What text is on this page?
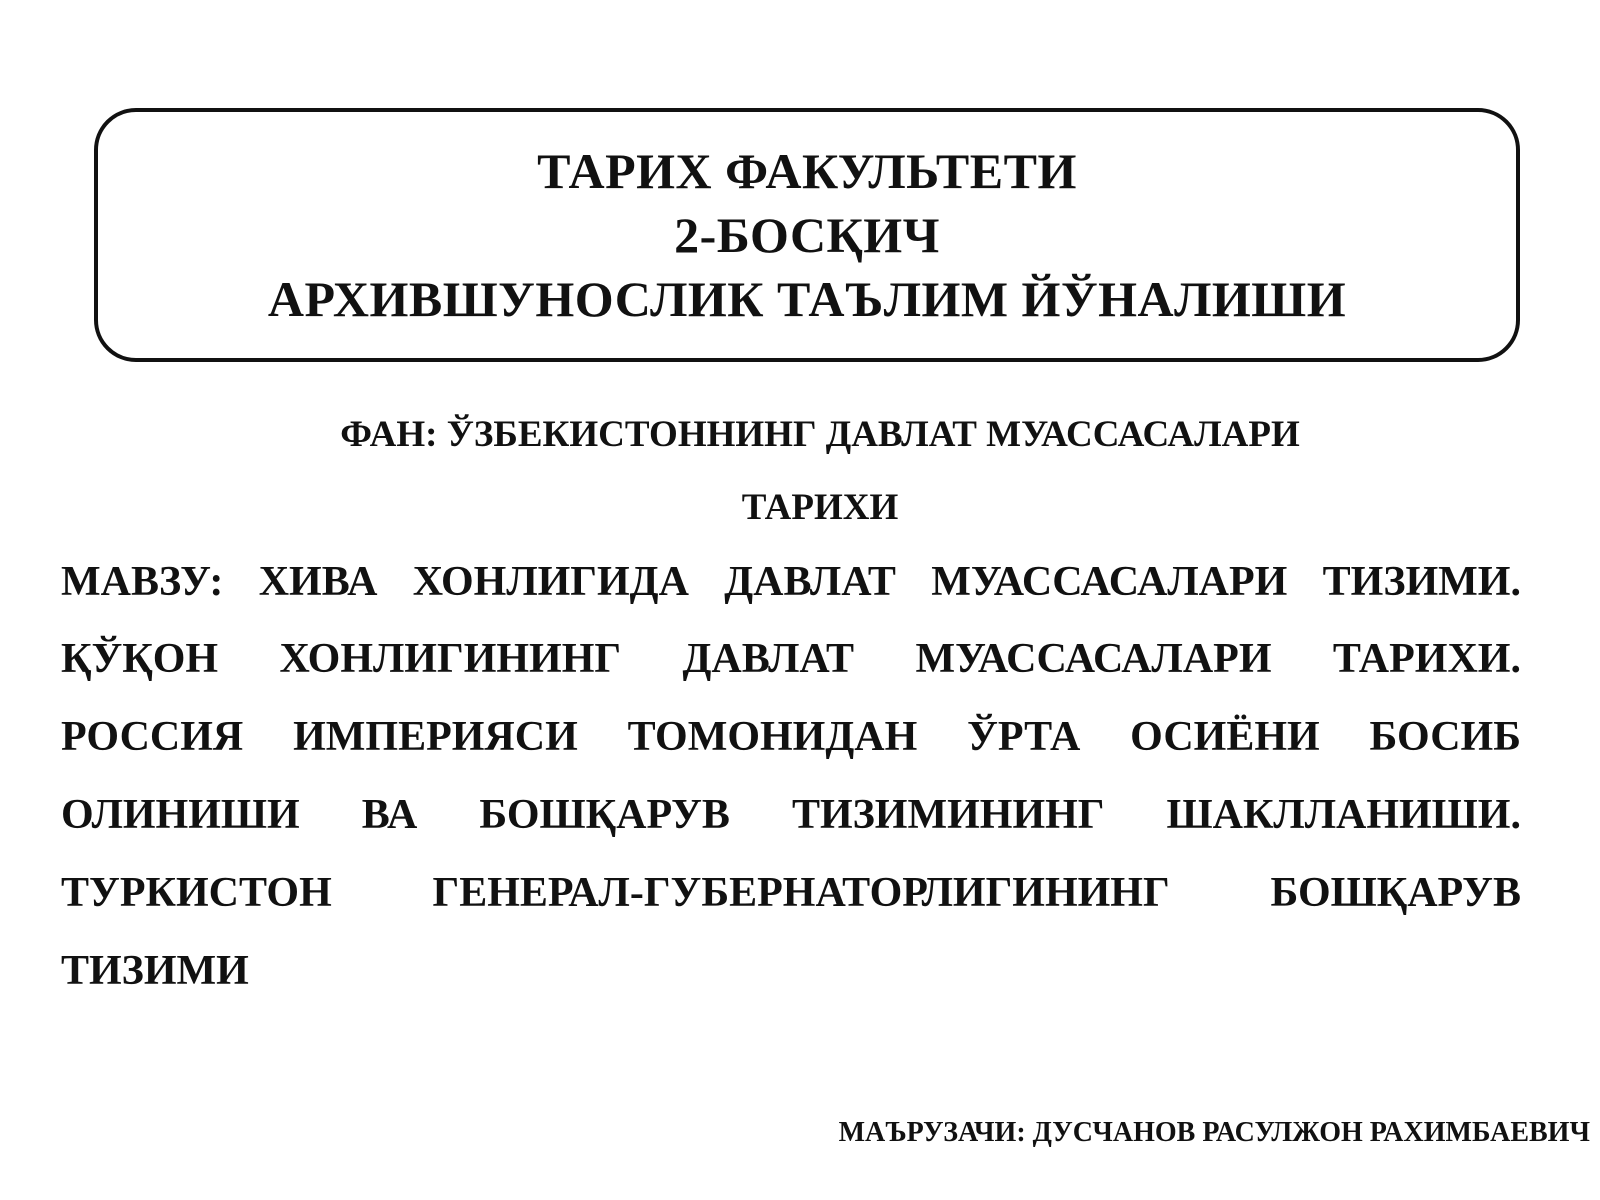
ТАРИХ ФАКУЛЬТЕТИ
2-БОСҚИЧ
АРХИВШУНОСЛИК ТАЪЛИМ ЙЎНАЛИШИ
ФАН: ЎЗБЕКИСТОННИНГ ДАВЛАТ МУАССАСАЛАРИ
ТАРИХИ
МАВЗУ: ХИВА ХОНЛИГИДА ДАВЛАТ МУАССАСАЛАРИ ТИЗИМИ.
ҚЎҚОН ХОНЛИГИНИНГ ДАВЛАТ МУАССАСАЛАРИ ТАРИХИ.
РОССИЯ ИМПЕРИЯСИ ТОМОНИДАН ЎРТА ОСИЁНИ БОСИБ
ОЛИНИШИ ВА БОШҚАРУВ ТИЗИМИНИНГ ШАКЛЛАНИШИ.
ТУРКИСТОН ГЕНЕРАЛ-ГУБЕРНАТОРЛИГИНИНГ БОШҚАРУВ
ТИЗИМИ
МАЪРУЗАЧИ: ДУСЧАНОВ РАСУЛЖОН РАХИМБАЕВИЧ
